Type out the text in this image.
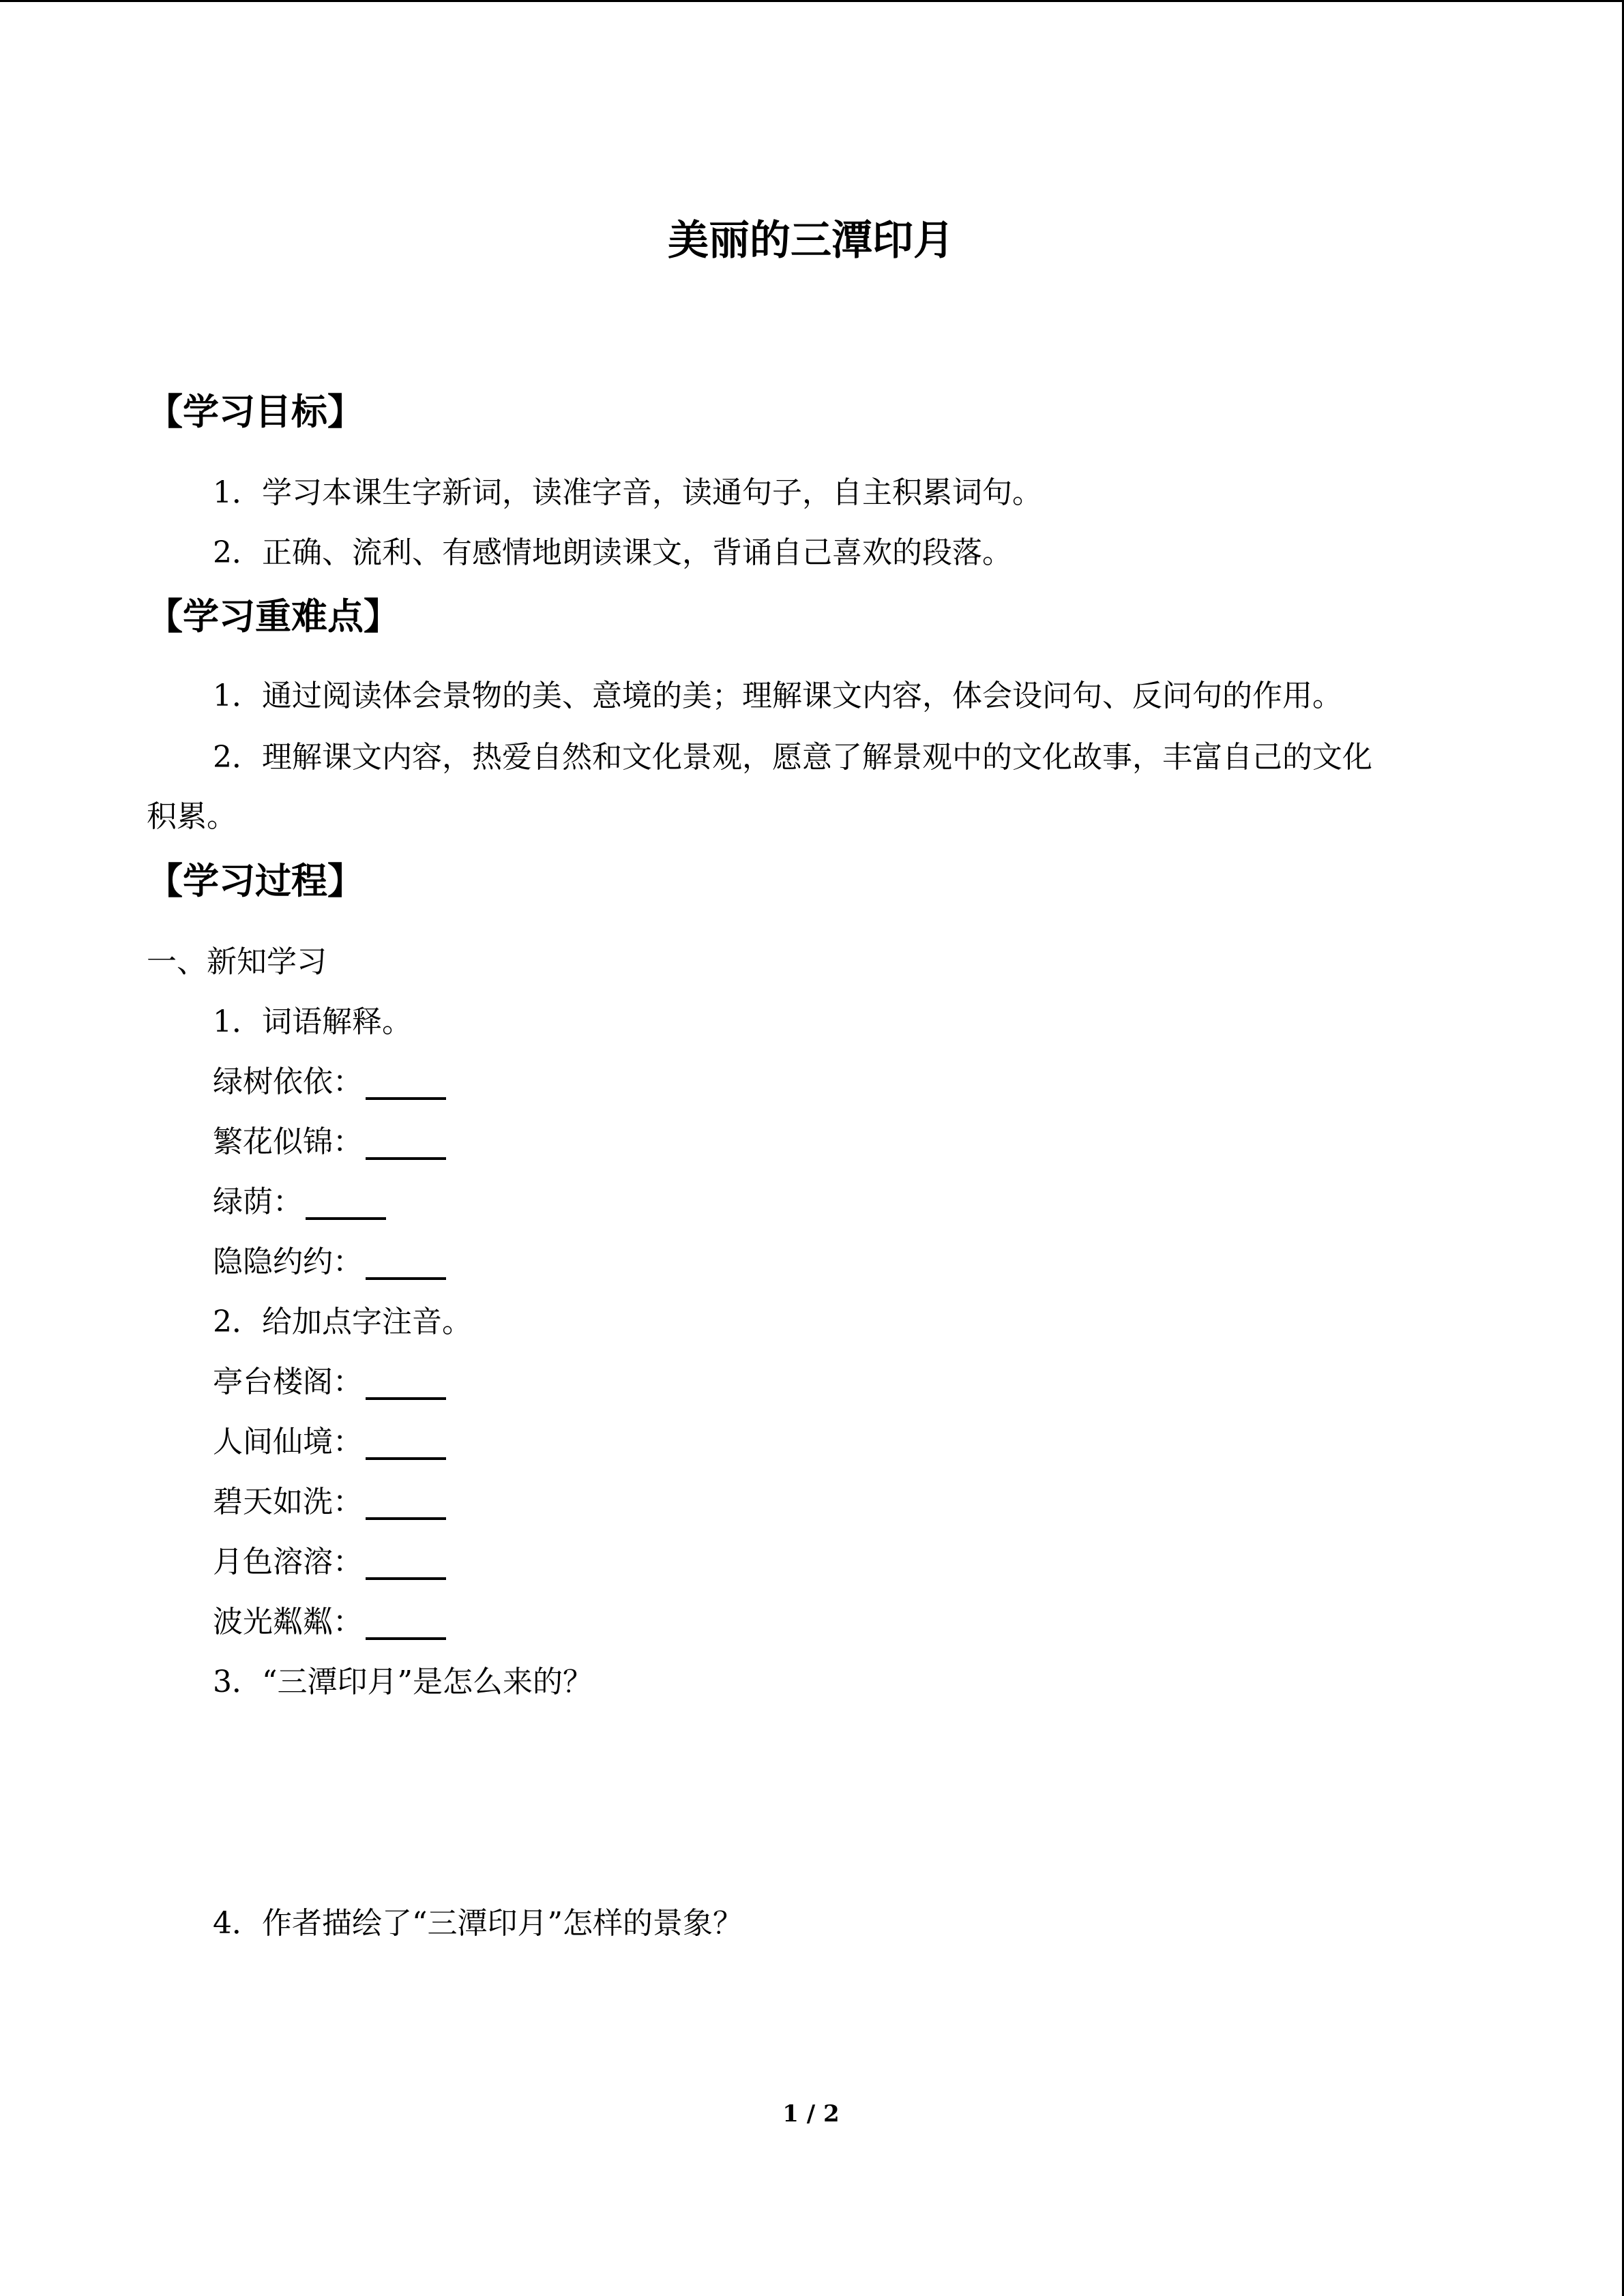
美丽的三潭印月
【学习目标】
1．学习本课生字新词，读准字音，读通句子，自主积累词句。
2．正确、流利、有感情地朗读课文，背诵自己喜欢的段落。
【学习重难点】
1．通过阅读体会景物的美、意境的美；理解课文内容，体会设问句、反问句的作用。
2．理解课文内容，热爱自然和文化景观，愿意了解景观中的文化故事，丰富自己的文化
积累。
【学习过程】
一、新知学习
1．词语解释。
绿树依依：
繁花似锦：
绿荫：
隐隐约约：
2．给加点字注音。
亭台楼阁：
人间仙境：
碧天如洗：
月色溶溶：
波光粼粼：
3．“三潭印月”是怎么来的？
4．作者描绘了“三潭印月”怎样的景象？
1 / 2
